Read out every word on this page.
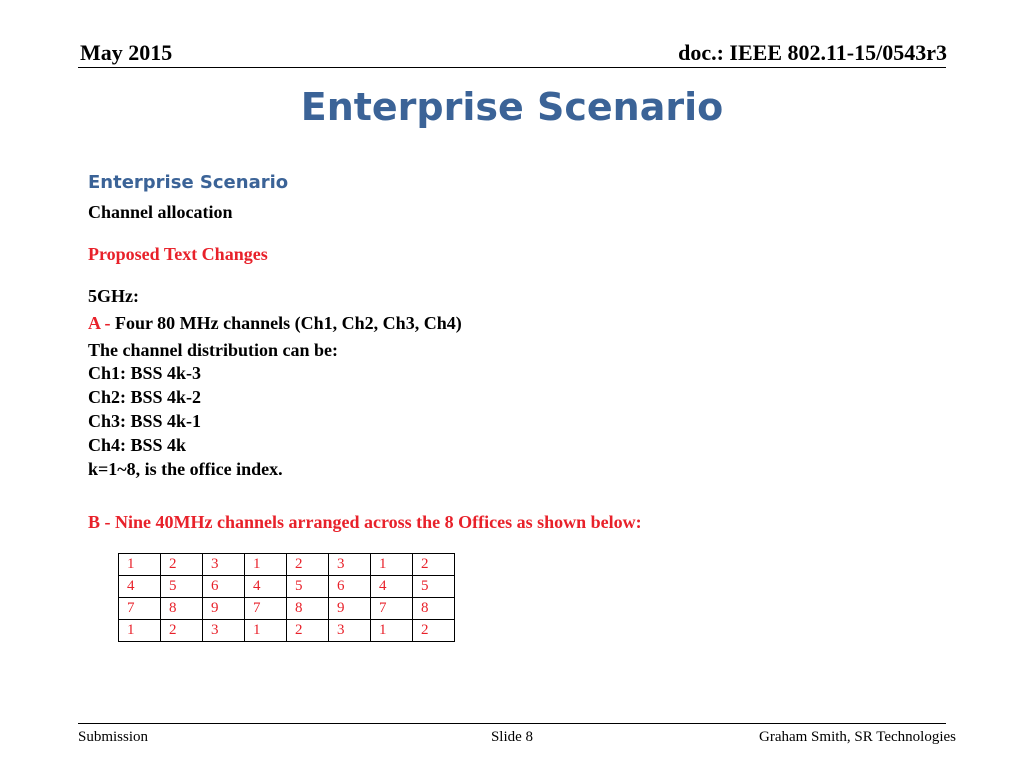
May 2015	doc.: IEEE 802.11-15/0543r3
Enterprise Scenario
Enterprise Scenario
Channel allocation
Proposed Text Changes
5GHz:
A - Four 80 MHz channels (Ch1, Ch2, Ch3, Ch4)
The channel distribution can be:
Ch1: BSS 4k-3
Ch2: BSS 4k-2
Ch3: BSS 4k-1
Ch4: BSS 4k
k=1~8, is the office index.
B - Nine 40MHz channels arranged across the 8 Offices as shown below:
1	2	3	1	2	3	1	2
4	5	6	4	5	6	4	5
7	8	9	7	8	9	7	8
1	2	3	1	2	3	1	2
Submission	Slide 8	Graham Smith, SR Technologies
